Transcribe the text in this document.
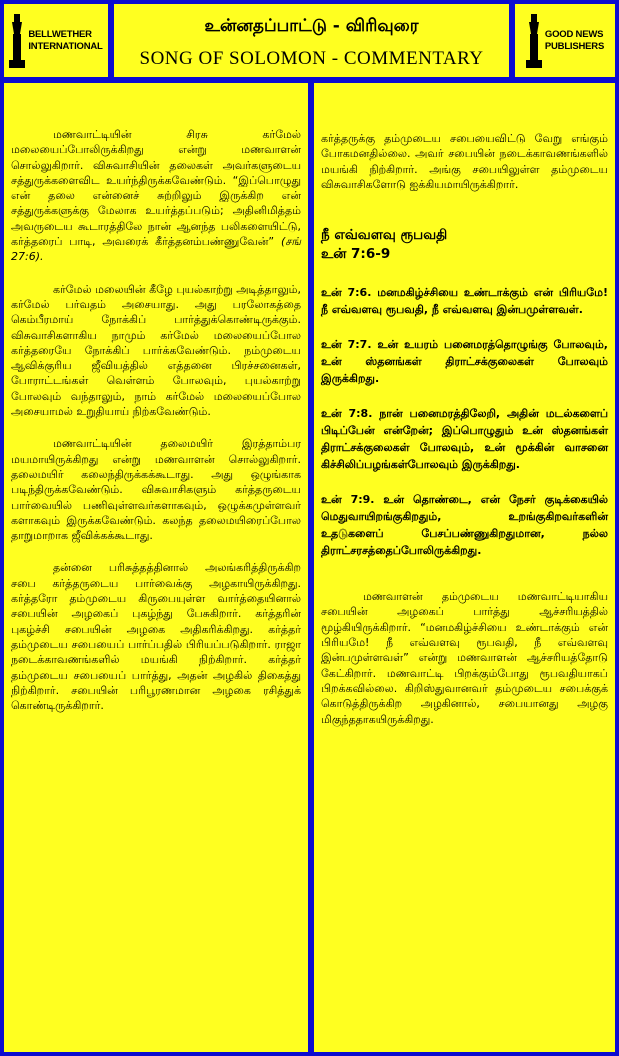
BELLWETHER
INTERNATIONAL
உன்னதப்பாட்டு - விரிவுரை
SONG OF SOLOMON - COMMENTARY
GOOD NEWS
PUBLISHERS

மணவாட்டியின் சிரசு கர்மேல் மலையைப்போலிருக்கிறது என்று மணவாளன் சொல்லுகிறார். விசுவாசியின் தலைகள் அவர்களுடைய சத்துருக்களைவிட உயர்ந்திருக்கவேண்டும். “இப்பொழுது என் தலை என்னைச் சுற்றிலும் இருக்கிற என் சத்துருக்களுக்கு மேலாக உயர்த்தப்படும்; அதினிமித்தம் அவருடைய கூடாரத்திலே நான் ஆனந்த பலிகளையிட்டு, கர்த்தரைப் பாடி, அவரைக் கீர்த்தனம்பண்ணுவேன்” (சங் 27:6).

கர்மேல் மலையின் கீழே புயல்காற்று அடித்தாலும், கர்மேல் பர்வதம் அசையாது. அது பரலோகத்தை கெம்பீரமாய் நோக்கிப் பார்த்துக்கொண்டிருக்கும். விசுவாசிகளாகிய நாமும் கர்மேல் மலையைப்போல கர்த்தரையே நோக்கிப் பார்க்கவேண்டும். நம்முடைய ஆவிக்குரிய ஜீவியத்தில் எத்தனை பிரச்சனைகள், போராட்டங்கள் வெள்ளம் போலவும், புயல்காற்று போலவும் வந்தாலும், நாம் கர்மேல் மலையைப்போல அசையாமல் உறுதியாய் நிற்கவேண்டும்.

மணவாட்டியின் தலைமயிர் இரத்தாம்பர மயமாயிருக்கிறது என்று மணவாளன் சொல்லுகிறார். தலைமயிர் கலைந்திருக்கக்கூடாது. அது ஒழுங்காக படிந்திருக்கவேண்டும். விசுவாசிகளும் கர்த்தருடைய பார்வையில் பணிவுள்ளவர்களாகவும், ஒழுக்கமுள்ளவர் களாகவும் இருக்கவேண்டும். கலந்த தலைமயிரைப்போல தாறுமாறாக ஜீவிக்கக்கூடாது.

தன்னை பரிசுத்தத்தினால் அலங்கரித்திருக்கிற சபை கர்த்தருடைய பார்வைக்கு அழகாயிருக்கிறது. கர்த்தரோ தம்முடைய கிருபையுள்ள வார்த்தையினால் சபையின் அழகைப் புகழ்ந்து பேசுகிறார். கர்த்தரின் புகழ்ச்சி சபையின் அழகை அதிகரிக்கிறது. கர்த்தர் தம்முடைய சபையைப் பார்ப்பதில் பிரியப்படுகிறார். ராஜா நடைக்காவணங்களில் மயங்கி நிற்கிறார். கர்த்தர் தம்முடைய சபையைப் பார்த்து, அதன் அழகில் திகைத்து நிற்கிறார். சபையின் பரிபூரணமான அழகை ரசித்துக் கொண்டிருக்கிறார்.

கர்த்தருக்கு தம்முடைய சபையைவிட்டு வேறு எங்கும் போகமனதில்லை. அவர் சபையின் நடைக்காவணங்களில் மயங்கி நிற்கிறார். அங்கு சபையிலுள்ள தம்முடைய விசுவாசிகளோடு ஐக்கியமாயிருக்கிறார்.

நீ எவ்வளவு ரூபவதி
உன் 7:6-9

உன் 7:6. மனமகிழ்ச்சியை உண்டாக்கும் என் பிரியமே! நீ எவ்வளவு ரூபவதி, நீ எவ்வளவு இன்பமுள்ளவள்.

உன் 7:7. உன் உயரம் பனைமரத்தொழுங்கு போலவும், உன் ஸ்தனங்கள் திராட்சக்குலைகள் போலவும் இருக்கிறது.

உன் 7:8. நான் பனைமரத்திலேறி, அதின் மடல்களைப் பிடிப்பேன் என்றேன்; இப்பொழுதும் உன் ஸ்தனங்கள் திராட்சக்குலைகள் போலவும், உன் மூக்கின் வாசனை கிச்சிலிப்பழங்கள்போலவும் இருக்கிறது.

உன் 7:9. உன் தொண்டை, என் நேசர் குடிக்கையில் மெதுவாயிறங்குகிறதும், உறங்குகிறவர்களின் உதடுகளைப் பேசப்பண்ணுகிறதுமான, நல்ல திராட்சரசத்தைப்போலிருக்கிறது.

மணவாளன் தம்முடைய மணவாட்டியாகிய சபையின் அழகைப் பார்த்து ஆச்சரியத்தில் மூழ்கியிருக்கிறார். “மனமகிழ்ச்சியை உண்டாக்கும் என் பிரியமே! நீ எவ்வளவு ரூபவதி, நீ எவ்வளவு இன்பமுள்ளவள்” என்று மணவாளன் ஆச்சரியத்தோடு கேட்கிறார். மணவாட்டி பிறக்கும்போது ரூபவதியாகப் பிறக்கவில்லை. கிறிஸ்துவானவர் தம்முடைய சபைக்குக் கொடுத்திருக்கிற அழகினால், சபையானது அழகு மிகுந்ததாகயிருக்கிறது.
